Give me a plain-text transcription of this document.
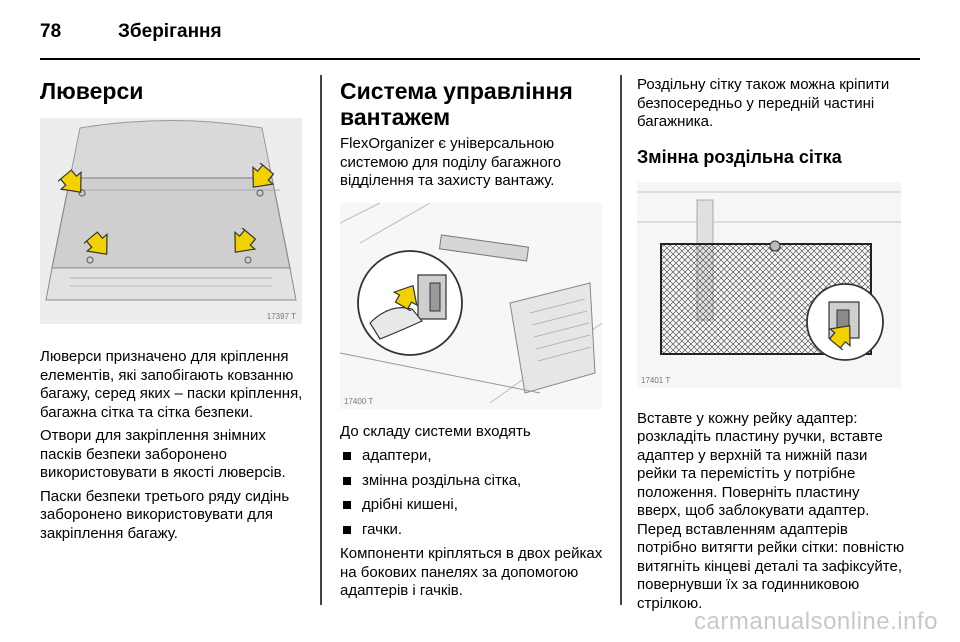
78	Зберігання
Люверси
17397 T

Люверси призначено для кріплення елементів, які запобігають ковзанню багажу, серед яких – паски кріплення, багажна сітка та сітка безпеки.

Отвори для закріплення знімних пасків безпеки заборонено використовувати в якості люверсів.

Паски безпеки третього ряду сидінь заборонено використовувати для закріплення багажу.

Система управління вантажем

FlexOrganizer є універсальною системою для поділу багажного відділення та захисту вантажу.

17400 T

До складу системи входять

адаптери,
змінна роздільна сітка,
дрібні кишені,
гачки.

Компоненти кріпляться в двох рейках на бокових панелях за допомогою адаптерів і гачків.

Роздільну сітку також можна кріпити безпосередньо у передній частині багажника.

Змінна роздільна сітка
17401 T

Вставте у кожну рейку адаптер: розкладіть пластину ручки, вставте адаптер у верхній та нижній пази рейки та перемістіть у потрібне положення. Поверніть пластину вверх, щоб заблокувати адаптер. Перед вставленням адаптерів потрібно витягти рейки сітки: повністю витягніть кінцеві деталі та зафіксуйте, повернувши їх за годинниковою стрілкою.

carmanualsonline.info
